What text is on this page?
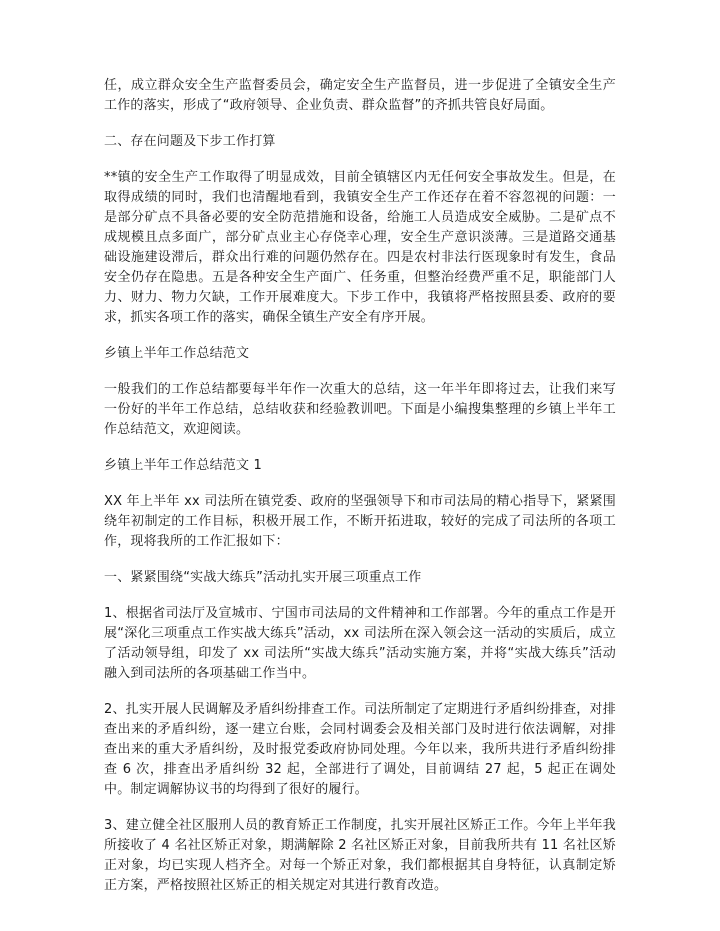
任，成立群众安全生产监督委员会，确定安全生产监督员，进一步促进了全镇安全生产工作的落实，形成了“政府领导、企业负责、群众监督”的齐抓共管良好局面。

二、存在问题及下步工作打算

**镇的安全生产工作取得了明显成效，目前全镇辖区内无任何安全事故发生。但是，在取得成绩的同时，我们也清醒地看到，我镇安全生产工作还存在着不容忽视的问题：一是部分矿点不具备必要的安全防范措施和设备，给施工人员造成安全威胁。二是矿点不成规模且点多面广，部分矿点业主心存侥幸心理，安全生产意识淡薄。三是道路交通基础设施建设滞后，群众出行难的问题仍然存在。四是农村非法行医现象时有发生，食品安全仍存在隐患。五是各种安全生产面广、任务重，但整治经费严重不足，职能部门人力、财力、物力欠缺，工作开展难度大。下步工作中，我镇将严格按照县委、政府的要求，抓实各项工作的落实，确保全镇生产安全有序开展。

乡镇上半年工作总结范文

一般我们的工作总结都要每半年作一次重大的总结，这一年半年即将过去，让我们来写一份好的半年工作总结，总结收获和经验教训吧。下面是小编搜集整理的乡镇上半年工作总结范文，欢迎阅读。

乡镇上半年工作总结范文 1

XX 年上半年 xx 司法所在镇党委、政府的坚强领导下和市司法局的精心指导下，紧紧围绕年初制定的工作目标，积极开展工作，不断开拓进取，较好的完成了司法所的各项工作，现将我所的工作汇报如下：

一、紧紧围绕“实战大练兵”活动扎实开展三项重点工作

1、根据省司法厅及宣城市、宁国市司法局的文件精神和工作部署。今年的重点工作是开展“深化三项重点工作实战大练兵”活动，xx 司法所在深入领会这一活动的实质后，成立了活动领导组，印发了 xx 司法所“实战大练兵”活动实施方案，并将“实战大练兵”活动融入到司法所的各项基础工作当中。

2、扎实开展人民调解及矛盾纠纷排查工作。司法所制定了定期进行矛盾纠纷排查，对排查出来的矛盾纠纷，逐一建立台账，会同村调委会及相关部门及时进行依法调解，对排查出来的重大矛盾纠纷，及时报党委政府协同处理。今年以来，我所共进行矛盾纠纷排查 6 次，排查出矛盾纠纷 32 起，全部进行了调处，目前调结 27 起，5 起正在调处中。制定调解协议书的均得到了很好的履行。

3、建立健全社区服刑人员的教育矫正工作制度，扎实开展社区矫正工作。今年上半年我所接收了 4 名社区矫正对象，期满解除 2 名社区矫正对象，目前我所共有 11 名社区矫正对象，均已实现人档齐全。对每一个矫正对象，我们都根据其自身特征，认真制定矫正方案，严格按照社区矫正的相关规定对其进行教育改造。
